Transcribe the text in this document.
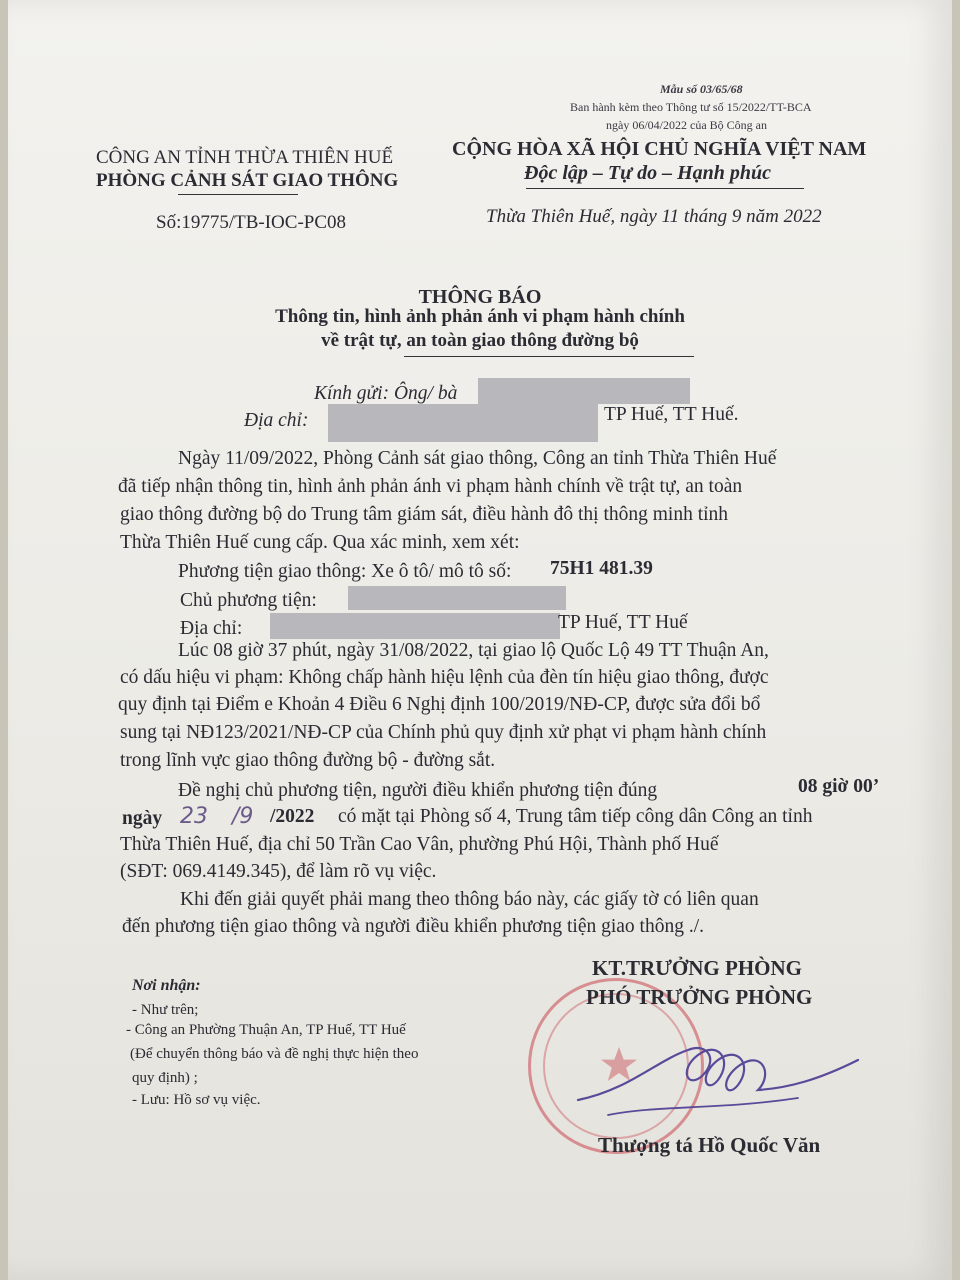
Mẫu số 03/65/68
Ban hành kèm theo Thông tư số 15/2022/TT-BCA
ngày 06/04/2022 của Bộ Công an
CÔNG AN TỈNH THỪA THIÊN HUẾ
PHÒNG CẢNH SÁT GIAO THÔNG
Số:19775/TB-IOC-PC08
CỘNG HÒA XÃ HỘI CHỦ NGHĨA VIỆT NAM
Độc lập – Tự do – Hạnh phúc
Thừa Thiên Huế, ngày 11 tháng 9 năm 2022
THÔNG BÁO
Thông tin, hình ảnh phản ánh vi phạm hành chính
về trật tự, an toàn giao thông đường bộ
Kính gửi: Ông/ bà
Địa chỉ:	TP Huế, TT Huế.
Ngày 11/09/2022, Phòng Cảnh sát giao thông, Công an tỉnh Thừa Thiên Huế
đã tiếp nhận thông tin, hình ảnh phản ánh vi phạm hành chính về trật tự, an toàn
giao thông đường bộ do Trung tâm giám sát, điều hành đô thị thông minh tỉnh
Thừa Thiên Huế cung cấp. Qua xác minh, xem xét:
Phương tiện giao thông: Xe ô tô/ mô tô số: 75H1 481.39
Chủ phương tiện:
Địa chỉ:	TP Huế, TT Huế
Lúc 08 giờ 37 phút, ngày 31/08/2022, tại giao lộ Quốc Lộ 49 TT Thuận An,
có dấu hiệu vi phạm: Không chấp hành hiệu lệnh của đèn tín hiệu giao thông, được
quy định tại Điểm e Khoản 4 Điều 6 Nghị định 100/2019/NĐ-CP, được sửa đổi bổ
sung tại NĐ123/2021/NĐ-CP của Chính phủ quy định xử phạt vi phạm hành chính
trong lĩnh vực giao thông đường bộ - đường sắt.
Đề nghị chủ phương tiện, người điều khiển phương tiện đúng	08 giờ 00’
ngày 23 /9 /2022 có mặt tại Phòng số 4, Trung tâm tiếp công dân Công an tỉnh
Thừa Thiên Huế, địa chỉ 50 Trần Cao Vân, phường Phú Hội, Thành phố Huế
(SĐT: 069.4149.345), để làm rõ vụ việc.
Khi đến giải quyết phải mang theo thông báo này, các giấy tờ có liên quan
đến phương tiện giao thông và người điều khiển phương tiện giao thông ./.
Nơi nhận:
- Như trên;
- Công an Phường Thuận An, TP Huế, TT Huế
(Để chuyển thông báo và đề nghị thực hiện theo
quy định) ;
- Lưu: Hồ sơ vụ việc.
KT.TRƯỞNG PHÒNG
PHÓ TRƯỞNG PHÒNG
Thượng tá Hồ Quốc Văn
